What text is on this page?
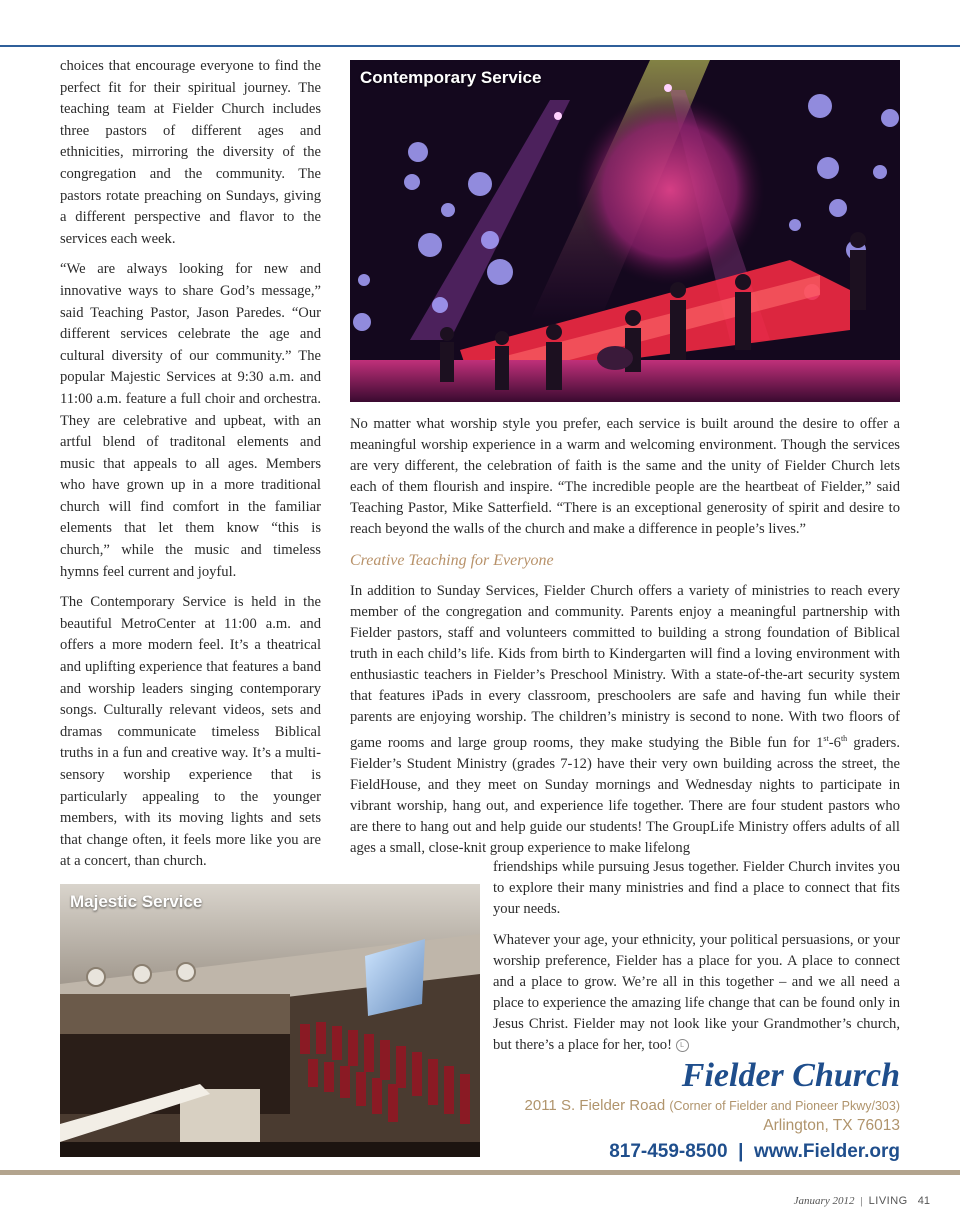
choices that encourage everyone to find the perfect fit for their spiritual journey. The teaching team at Fielder Church includes three pastors of different ages and ethnicities, mirroring the diversity of the congregation and the community. The pastors rotate preaching on Sundays, giving a different perspective and flavor to the services each week.

“We are always looking for new and innovative ways to share God’s message,” said Teaching Pastor, Jason Paredes. “Our different services celebrate the age and cultural diversity of our community.” The popular Majestic Services at 9:30 a.m. and 11:00 a.m. feature a full choir and orchestra. They are celebrative and upbeat, with an artful blend of traditonal elements and music that appeals to all ages. Members who have grown up in a more traditional church will find comfort in the familiar elements that let them know “this is church,” while the music and timeless hymns feel current and joyful.

The Contemporary Service is held in the beautiful MetroCenter at 11:00 a.m. and offers a more modern feel. It’s a theatrical and uplifting experience that features a band and worship leaders singing contemporary songs. Culturally relevant videos, sets and dramas communicate timeless Biblical truths in a fun and creative way. It’s a multi-sensory worship experience that is particularly appealing to the younger members, with its moving lights and sets that change often, it feels more like you are at a concert, than church.

Contemporary Service

No matter what worship style you prefer, each service is built around the desire to offer a meaningful worship experience in a warm and welcoming environment. Though the services are very different, the celebration of faith is the same and the unity of Fielder Church lets each of them flourish and inspire. “The incredible people are the heartbeat of Fielder,” said Teaching Pastor, Mike Satterfield. “There is an exceptional generosity of spirit and desire to reach beyond the walls of the church and make a difference in people’s lives.”

Creative Teaching for Everyone

In addition to Sunday Services, Fielder Church offers a variety of ministries to reach every member of the congregation and community. Parents enjoy a meaningful partnership with Fielder pastors, staff and volunteers committed to building a strong foundation of Biblical truth in each child’s life. Kids from birth to Kindergarten will find a loving environment with enthusiastic teachers in Fielder’s Preschool Ministry. With a state-of-the-art security system that features iPads in every classroom, preschoolers are safe and having fun while their parents are enjoying worship. The children’s ministry is second to none. With two floors of game rooms and large group rooms, they make studying the Bible fun for 1st-6th graders. Fielder’s Student Ministry (grades 7-12) have their very own building across the street, the FieldHouse, and they meet on Sunday mornings and Wednesday nights to participate in vibrant worship, hang out, and experience life together. There are four student pastors who are there to hang out and help guide our students! The GroupLife Ministry offers adults of all ages a small, close-knit group experience to make lifelong

friendships while pursuing Jesus together. Fielder Church invites you to explore their many ministries and find a place to connect that fits your needs.

Whatever your age, your ethnicity, your political persuasions, or your worship preference, Fielder has a place for you. A place to connect and a place to grow. We’re all in this together – and we all need a place to experience the amazing life change that can be found only in Jesus Christ. Fielder may not look like your Grandmother’s church, but there’s a place for her, too! L

Majestic Service
Fielder Church
2011 S. Fielder Road (Corner of Fielder and Pioneer Pkwy/303)
Arlington, TX 76013
817-459-8500  |  www.Fielder.org
January 2012 | LIVING 41
